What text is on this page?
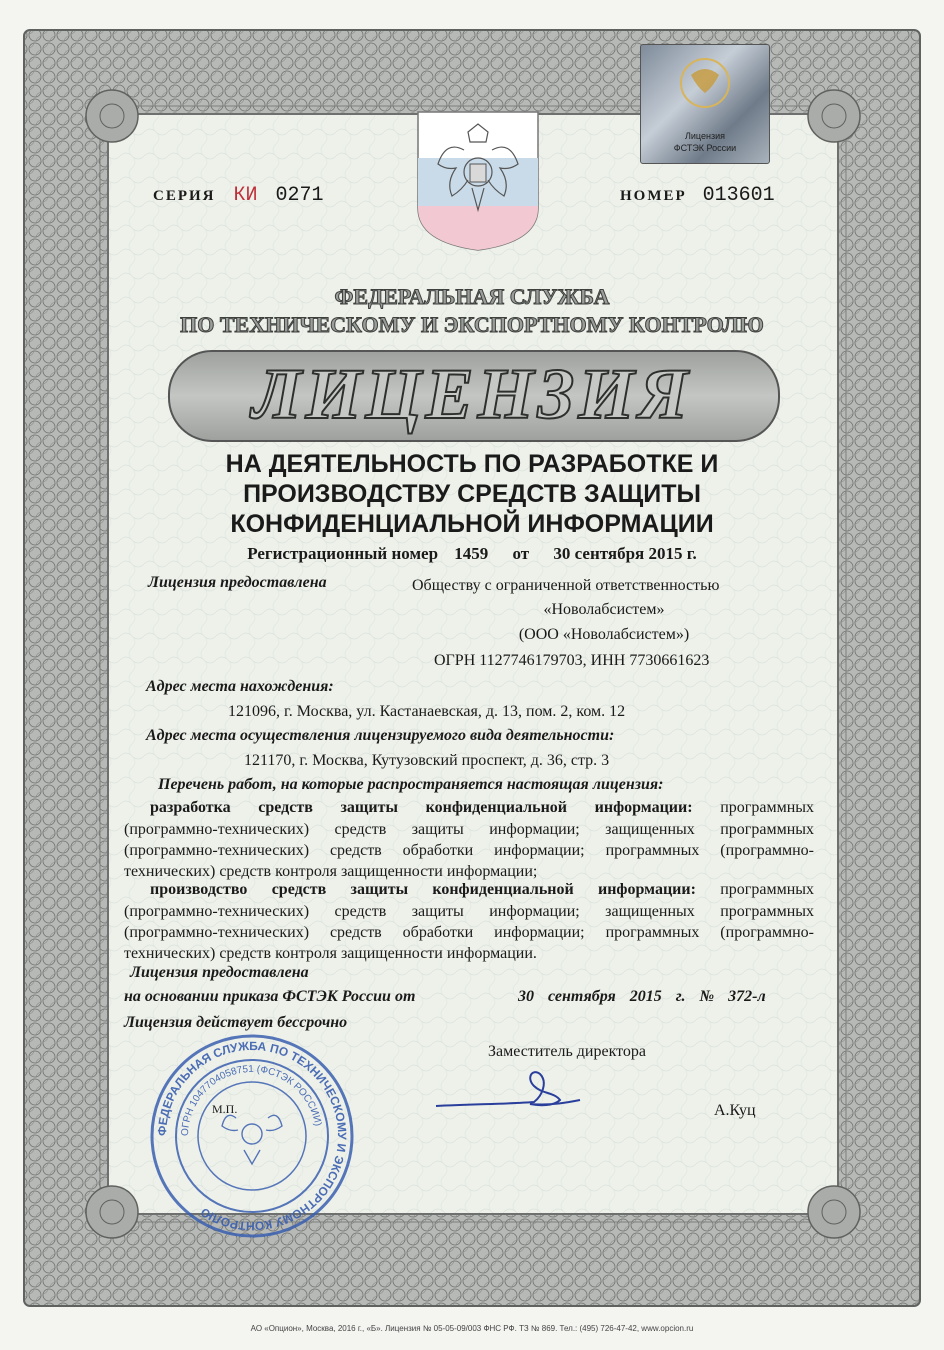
Лицензия
ФСТЭК России
СЕРИЯ КИ 0271	НОМЕР 013601
ФЕДЕРАЛЬНАЯ СЛУЖБА
ПО ТЕХНИЧЕСКОМУ И ЭКСПОРТНОМУ КОНТРОЛЮ
ЛИЦЕНЗИЯ
НА ДЕЯТЕЛЬНОСТЬ ПО РАЗРАБОТКЕ И
ПРОИЗВОДСТВУ СРЕДСТВ ЗАЩИТЫ
КОНФИДЕНЦИАЛЬНОЙ ИНФОРМАЦИИ
Регистрационный номер 1459 от 30 сентября 2015 г.
Лицензия предоставлена	Обществу с ограниченной ответственностью
«Новолабсистем»
(ООО «Новолабсистем»)
ОГРН 1127746179703, ИНН 7730661623
Адрес места нахождения:
121096, г. Москва, ул. Кастанаевская, д. 13, пом. 2, ком. 12
Адрес места осуществления лицензируемого вида деятельности:
121170, г. Москва, Кутузовский проспект, д. 36, стр. 3
Перечень работ, на которые распространяется настоящая лицензия:
разработка средств защиты конфиденциальной информации: программных
(программно-технических) средств защиты информации; защищенных программных
(программно-технических) средств обработки информации; программных (программно-
технических) средств контроля защищенности информации;
производство средств защиты конфиденциальной информации: программных
(программно-технических) средств защиты информации; защищенных программных
(программно-технических) средств обработки информации; программных (программно-
технических) средств контроля защищенности информации.
Лицензия предоставлена
на основании приказа ФСТЭК России от	30 сентября 2015 г. № 372-л
Лицензия действует бессрочно
Заместитель директора
А.Куц
ФЕДЕРАЛЬНАЯ СЛУЖБА ПО ТЕХНИЧЕСКОМУ И ЭКСПОРТНОМУ КОНТРОЛЮ
ОГРН 1047704058751 (ФСТЭК РОССИИ)
М.П.
АО «Опцион», Москва, 2016 г., «Б». Лицензия № 05-05-09/003 ФНС РФ. ТЗ № 869. Тел.: (495) 726-47-42, www.opcion.ru
